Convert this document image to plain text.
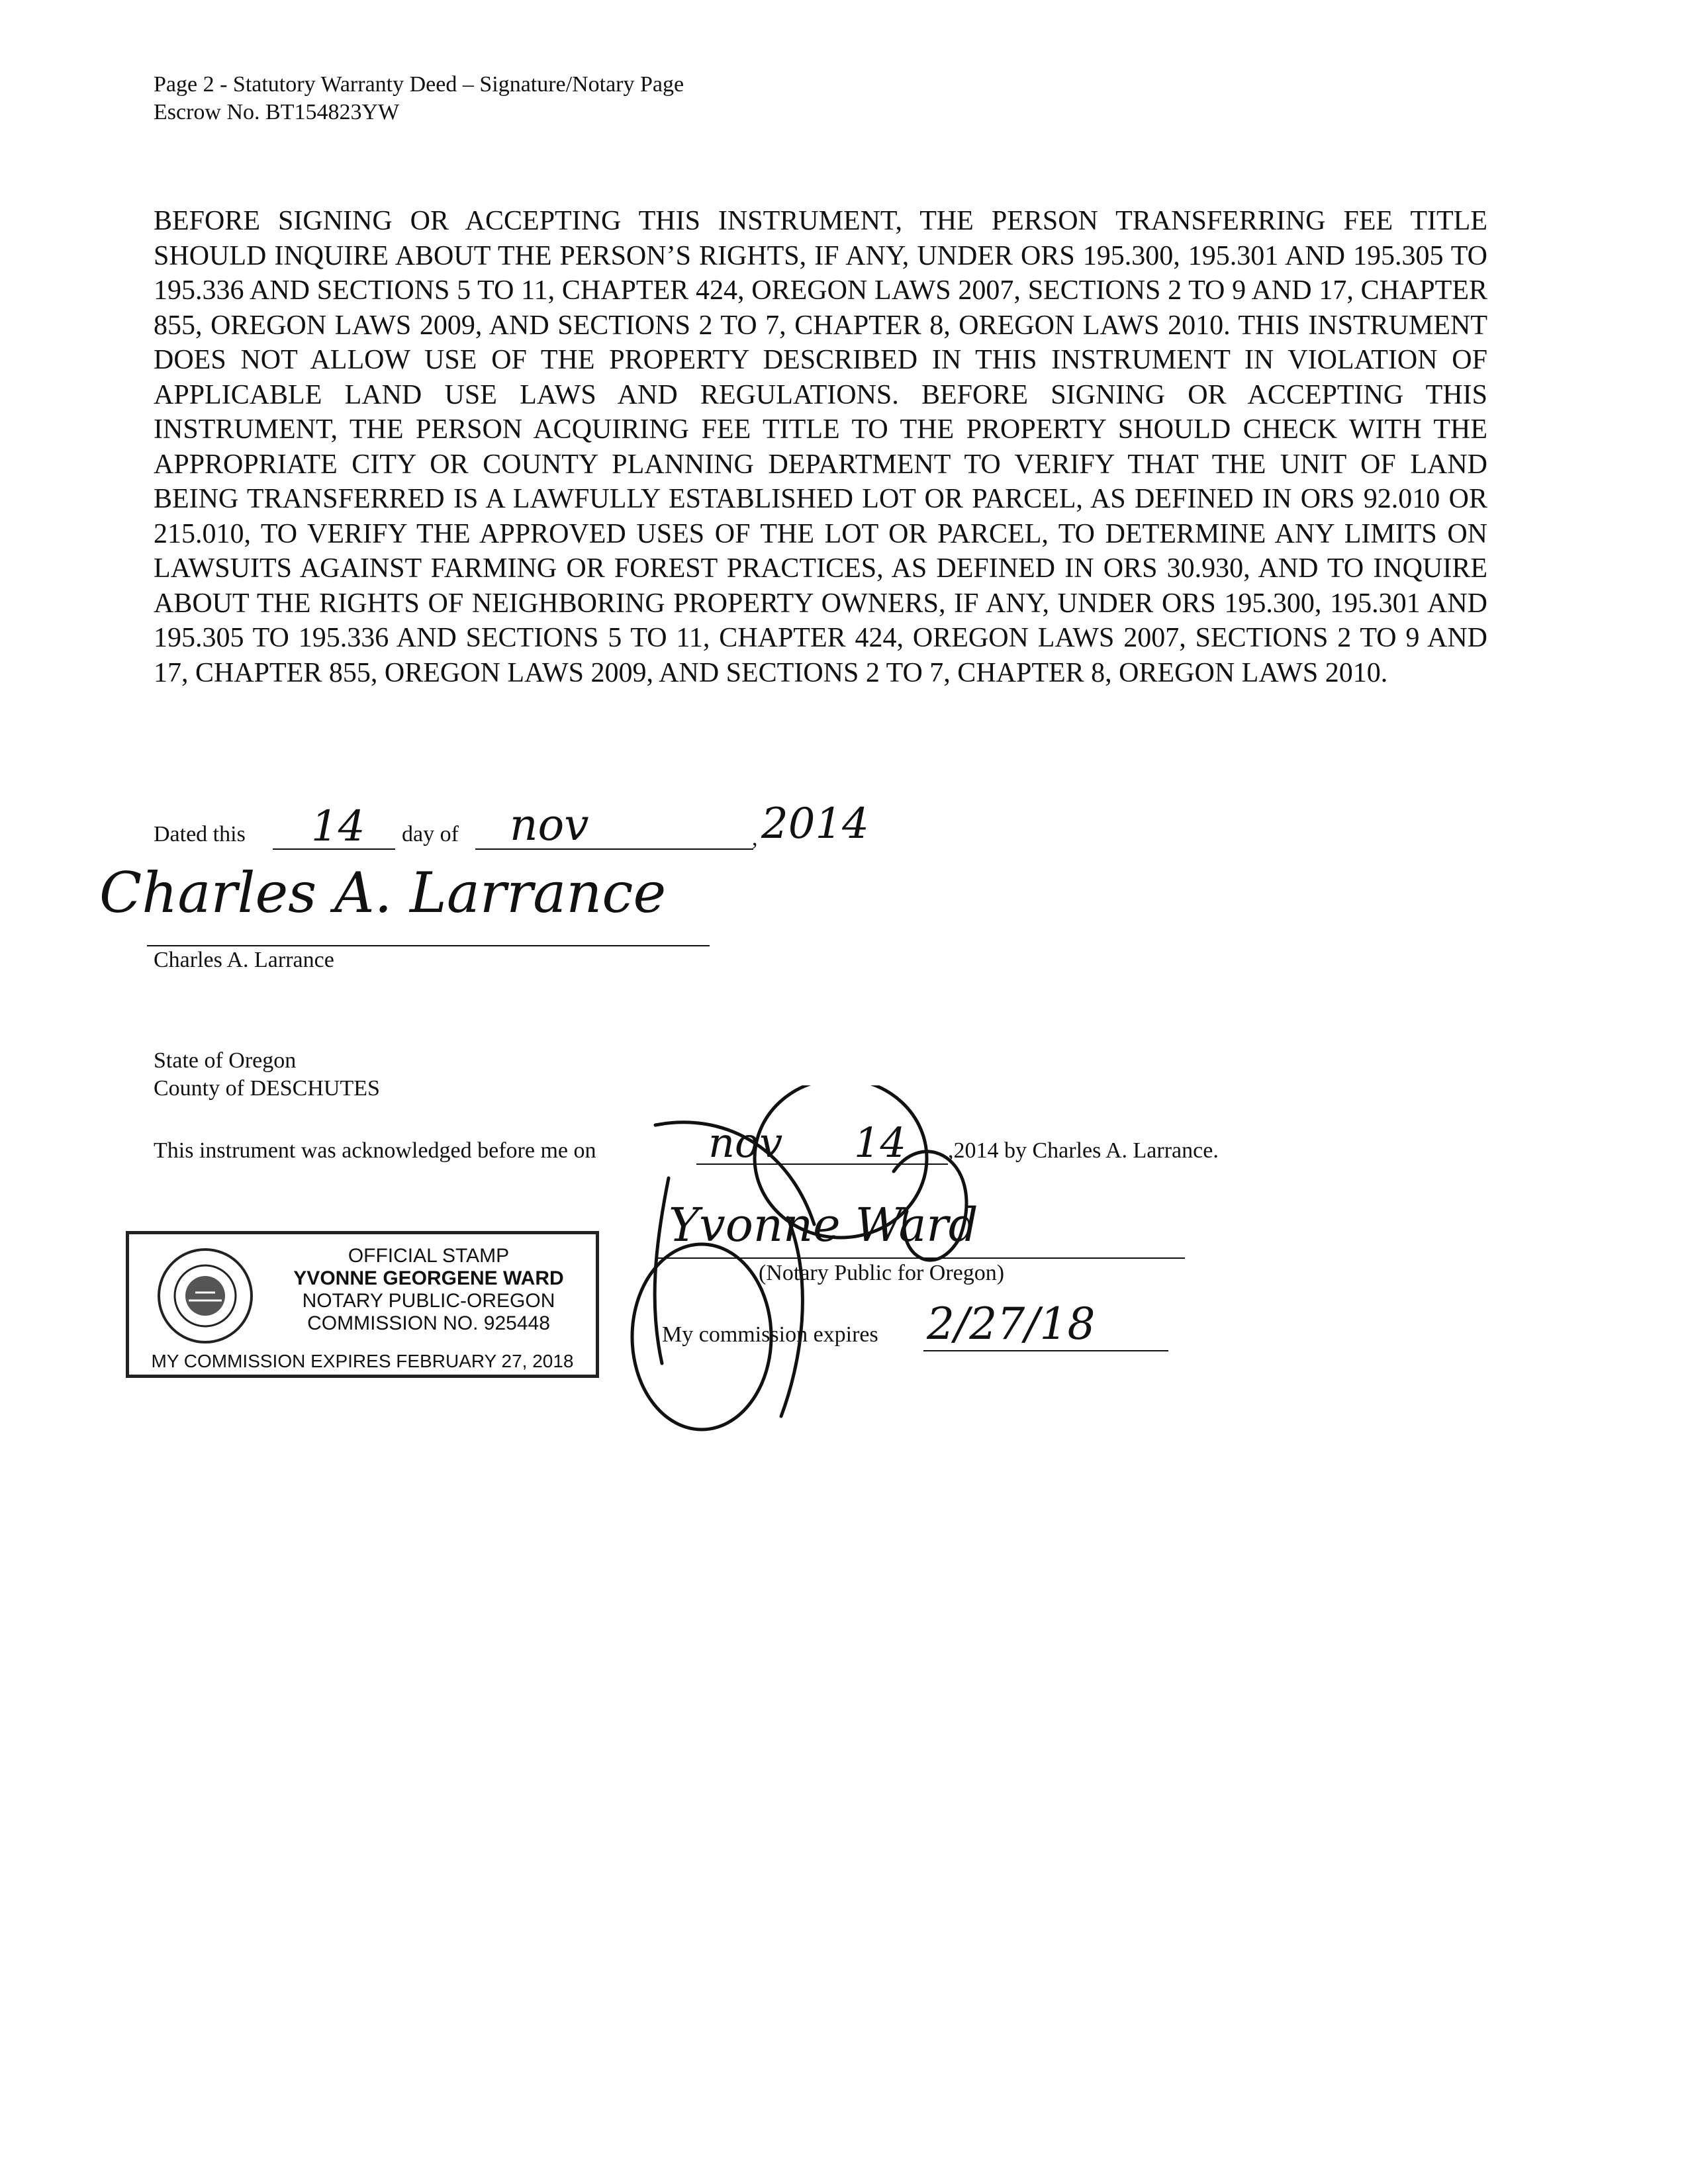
Page 2 - Statutory Warranty Deed – Signature/Notary Page
Escrow No. BT154823YW
BEFORE SIGNING OR ACCEPTING THIS INSTRUMENT, THE PERSON TRANSFERRING FEE TITLE SHOULD INQUIRE ABOUT THE PERSON’S RIGHTS, IF ANY, UNDER ORS 195.300, 195.301 AND 195.305 TO 195.336 AND SECTIONS 5 TO 11, CHAPTER 424, OREGON LAWS 2007, SECTIONS 2 TO 9 AND 17, CHAPTER 855, OREGON LAWS 2009, AND SECTIONS 2 TO 7, CHAPTER 8, OREGON LAWS 2010. THIS INSTRUMENT DOES NOT ALLOW USE OF THE PROPERTY DESCRIBED IN THIS INSTRUMENT IN VIOLATION OF APPLICABLE LAND USE LAWS AND REGULATIONS. BEFORE SIGNING OR ACCEPTING THIS INSTRUMENT, THE PERSON ACQUIRING FEE TITLE TO THE PROPERTY SHOULD CHECK WITH THE APPROPRIATE CITY OR COUNTY PLANNING DEPARTMENT TO VERIFY THAT THE UNIT OF LAND BEING TRANSFERRED IS A LAWFULLY ESTABLISHED LOT OR PARCEL, AS DEFINED IN ORS 92.010 OR 215.010, TO VERIFY THE APPROVED USES OF THE LOT OR PARCEL, TO DETERMINE ANY LIMITS ON LAWSUITS AGAINST FARMING OR FOREST PRACTICES, AS DEFINED IN ORS 30.930, AND TO INQUIRE ABOUT THE RIGHTS OF NEIGHBORING PROPERTY OWNERS, IF ANY, UNDER ORS 195.300, 195.301 AND 195.305 TO 195.336 AND SECTIONS 5 TO 11, CHAPTER 424, OREGON LAWS 2007, SECTIONS 2 TO 9 AND 17, CHAPTER 855, OREGON LAWS 2009, AND SECTIONS 2 TO 7, CHAPTER 8, OREGON LAWS 2010.
Dated this 14 day of nov	, 2014
Charles A. Larrance
Charles A. Larrance
State of Oregon
County of DESCHUTES
This instrument was acknowledged before me on	nov 14 ,2014 by Charles A. Larrance.
Yvonne Ward
(Notary Public for Oregon)
My commission expires 2/27/18
OFFICIAL STAMP
YVONNE GEORGENE WARD
NOTARY PUBLIC-OREGON
COMMISSION NO. 925448
MY COMMISSION EXPIRES FEBRUARY 27, 2018
